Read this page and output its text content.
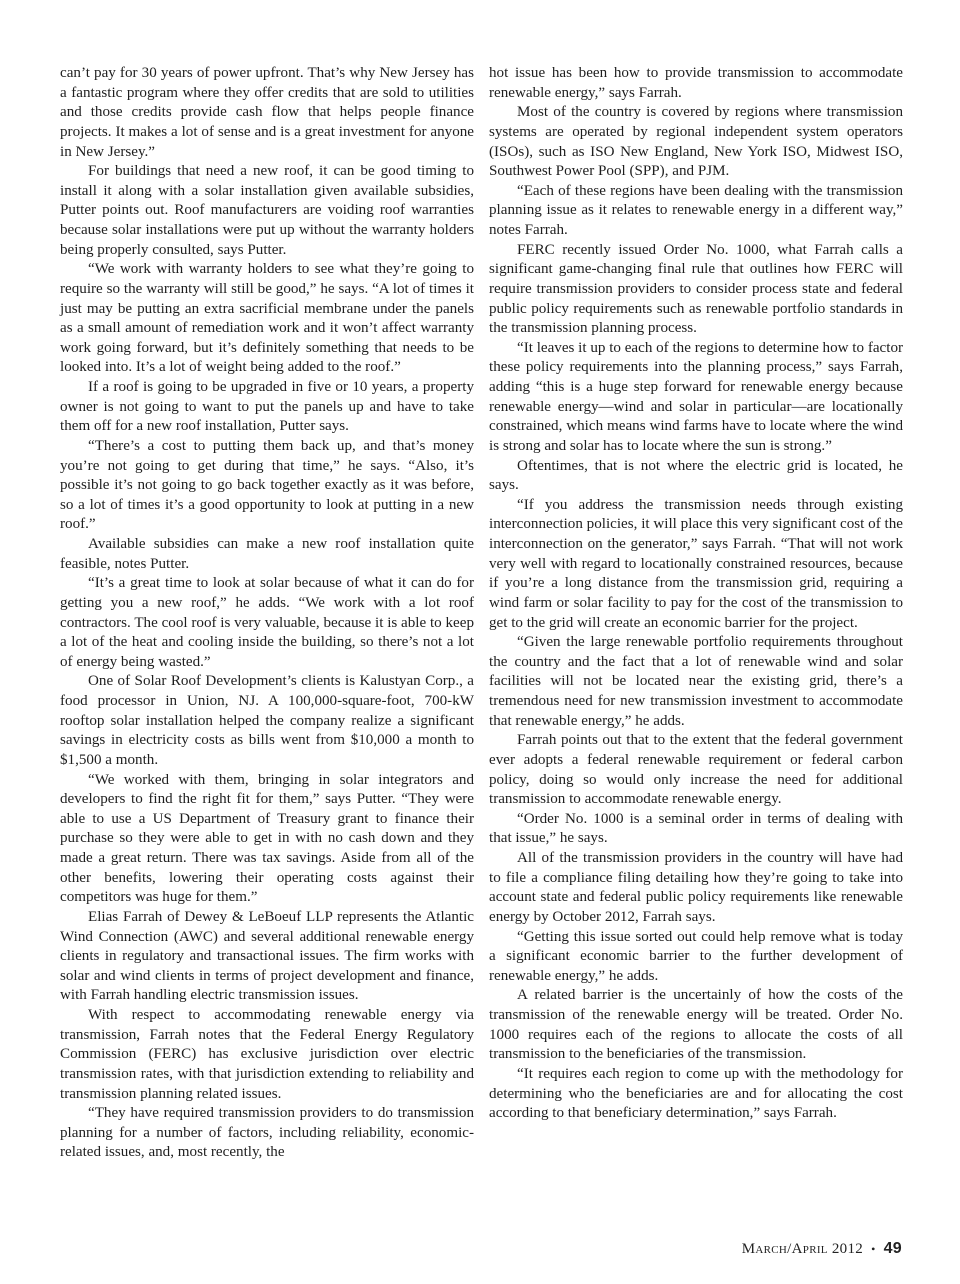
can’t pay for 30 years of power upfront. That’s why New Jersey has a fantastic program where they offer credits that are sold to utilities and those credits provide cash flow that helps people finance projects. It makes a lot of sense and is a great investment for anyone in New Jersey.”

For buildings that need a new roof, it can be good timing to install it along with a solar installation given available subsidies, Putter points out. Roof manufacturers are voiding roof warranties because solar installations were put up without the warranty holders being properly consulted, says Putter.

“We work with warranty holders to see what they’re going to require so the warranty will still be good,” he says. “A lot of times it just may be putting an extra sacrificial membrane under the panels as a small amount of remediation work and it won’t affect warranty work going forward, but it’s definitely something that needs to be looked into. It’s a lot of weight being added to the roof.”

If a roof is going to be upgraded in five or 10 years, a property owner is not going to want to put the panels up and have to take them off for a new roof installation, Putter says.

“There’s a cost to putting them back up, and that’s money you’re not going to get during that time,” he says. “Also, it’s possible it’s not going to go back together exactly as it was before, so a lot of times it’s a good opportunity to look at putting in a new roof.”

Available subsidies can make a new roof installation quite feasible, notes Putter.

“It’s a great time to look at solar because of what it can do for getting you a new roof,” he adds. “We work with a lot roof contractors. The cool roof is very valuable, because it is able to keep a lot of the heat and cooling inside the building, so there’s not a lot of energy being wasted.”

One of Solar Roof Development’s clients is Kalustyan Corp., a food processor in Union, NJ. A 100,000-square-foot, 700-kW rooftop solar installation helped the company realize a significant savings in electricity costs as bills went from $10,000 a month to $1,500 a month.

“We worked with them, bringing in solar integrators and developers to find the right fit for them,” says Putter. “They were able to use a US Department of Treasury grant to finance their purchase so they were able to get in with no cash down and they made a great return. There was tax savings. Aside from all of the other benefits, lowering their operating costs against their competitors was huge for them.”

Elias Farrah of Dewey & LeBoeuf LLP represents the Atlantic Wind Connection (AWC) and several additional renewable energy clients in regulatory and transactional issues. The firm works with solar and wind clients in terms of project development and finance, with Farrah handling electric transmission issues.

With respect to accommodating renewable energy via transmission, Farrah notes that the Federal Energy Regulatory Commission (FERC) has exclusive jurisdiction over electric transmission rates, with that jurisdiction extending to reliability and transmission planning related issues.

“They have required transmission providers to do transmission planning for a number of factors, including reliability, economic-related issues, and, most recently, the

hot issue has been how to provide transmission to accommodate renewable energy,” says Farrah.

Most of the country is covered by regions where transmission systems are operated by regional independent system operators (ISOs), such as ISO New England, New York ISO, Midwest ISO, Southwest Power Pool (SPP), and PJM.

“Each of these regions have been dealing with the transmission planning issue as it relates to renewable energy in a different way,” notes Farrah.

FERC recently issued Order No. 1000, what Farrah calls a significant game-changing final rule that outlines how FERC will require transmission providers to consider process state and federal public policy requirements such as renewable portfolio standards in the transmission planning process.

“It leaves it up to each of the regions to determine how to factor these policy requirements into the planning process,” says Farrah, adding “this is a huge step forward for renewable energy because renewable energy—wind and solar in particular—are locationally constrained, which means wind farms have to locate where the wind is strong and solar has to locate where the sun is strong.”

Oftentimes, that is not where the electric grid is located, he says.

“If you address the transmission needs through existing interconnection policies, it will place this very significant cost of the interconnection on the generator,” says Farrah. “That will not work very well with regard to locationally constrained resources, because if you’re a long distance from the transmission grid, requiring a wind farm or solar facility to pay for the cost of the transmission to get to the grid will create an economic barrier for the project.

“Given the large renewable portfolio requirements throughout the country and the fact that a lot of renewable wind and solar facilities will not be located near the existing grid, there’s a tremendous need for new transmission investment to accommodate that renewable energy,” he adds.

Farrah points out that to the extent that the federal government ever adopts a federal renewable requirement or federal carbon policy, doing so would only increase the need for additional transmission to accommodate renewable energy.

“Order No. 1000 is a seminal order in terms of dealing with that issue,” he says.

All of the transmission providers in the country will have had to file a compliance filing detailing how they’re going to take into account state and federal public policy requirements like renewable energy by October 2012, Farrah says.

“Getting this issue sorted out could help remove what is today a significant economic barrier to the further development of renewable energy,” he adds.

A related barrier is the uncertainly of how the costs of the transmission of the renewable energy will be treated. Order No. 1000 requires each of the regions to allocate the costs of all transmission to the beneficiaries of the transmission.

“It requires each region to come up with the methodology for determining who the beneficiaries are and for allocating the cost according to that beneficiary determination,” says Farrah.

March/April 2012 • 49
